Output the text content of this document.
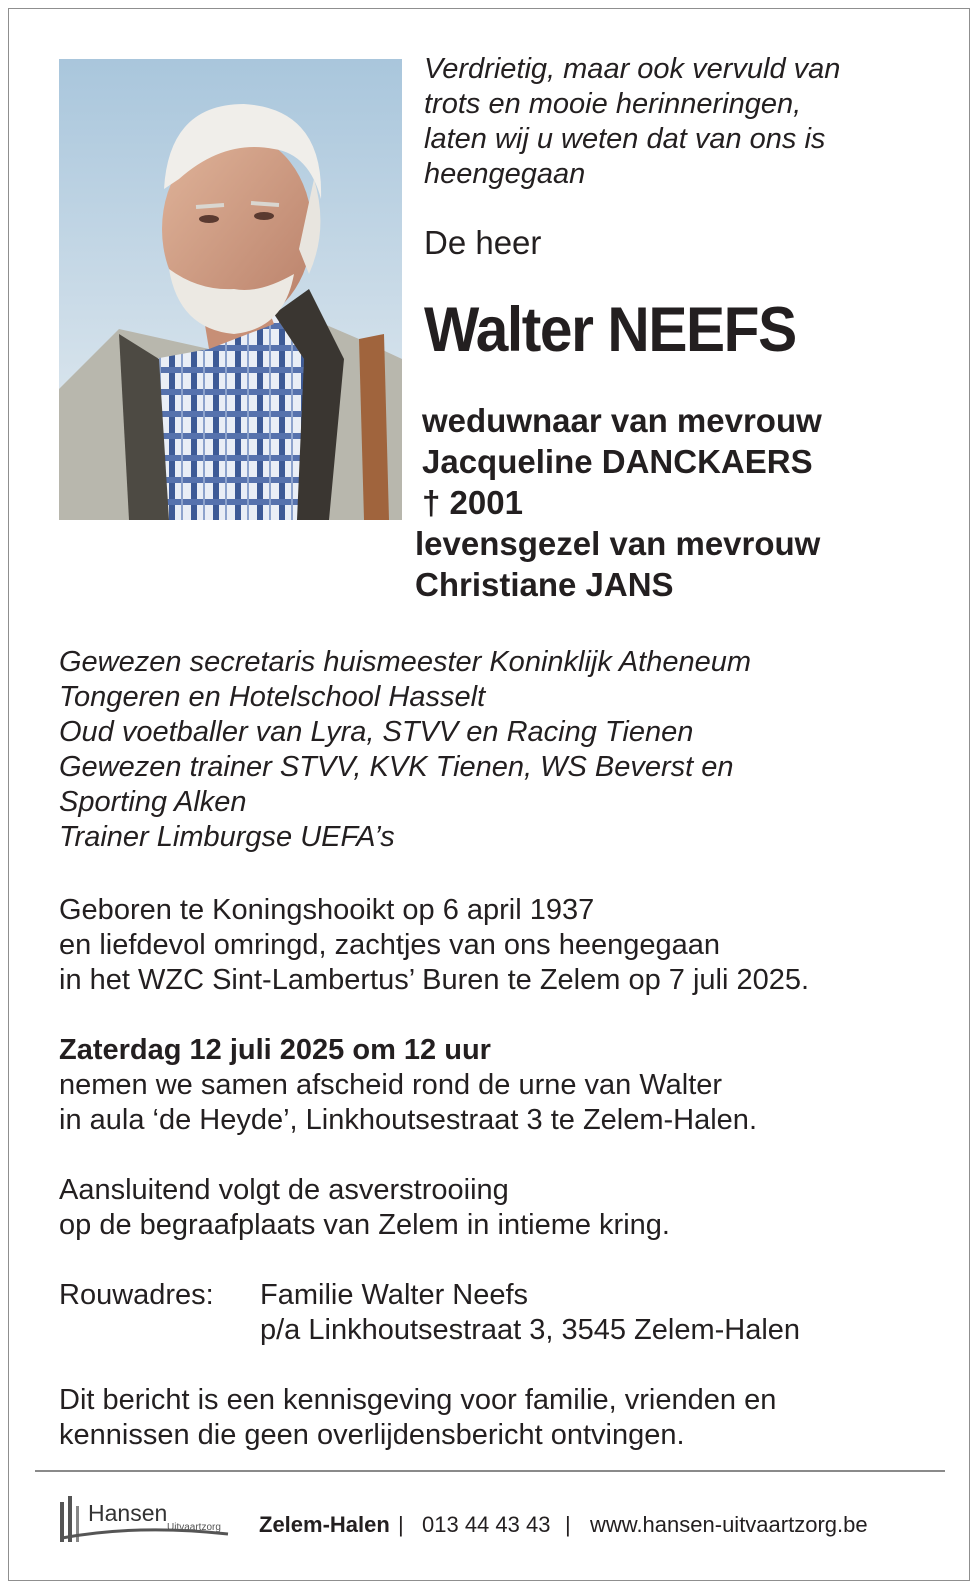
Verdrietig, maar ook vervuld van
trots en mooie herinneringen,
laten wij u weten dat van ons is
heengegaan
De heer
Walter NEEFS
weduwnaar van mevrouw
Jacqueline DANCKAERS
† 2001
levensgezel van mevrouw
Christiane JANS
Gewezen secretaris huismeester Koninklijk Atheneum
Tongeren en Hotelschool Hasselt
Oud voetballer van Lyra, STVV en Racing Tienen
Gewezen trainer STVV, KVK Tienen, WS Beverst en
Sporting Alken
Trainer Limburgse UEFA’s
Geboren te Koningshooikt op 6 april 1937
en liefdevol omringd, zachtjes van ons heengegaan
in het WZC Sint-Lambertus’ Buren te Zelem op 7 juli 2025.
Zaterdag 12 juli 2025 om 12 uur
nemen we samen afscheid rond de urne van Walter
in aula ‘de Heyde’, Linkhoutsestraat 3 te Zelem-Halen.
Aansluitend volgt de asverstrooiing
op de begraafplaats van Zelem in intieme kring.
Rouwadres: Familie Walter Neefs
p/a Linkhoutsestraat 3, 3545 Zelem-Halen
Dit bericht is een kennisgeving voor familie, vrienden en
kennissen die geen overlijdensbericht ontvingen.
Hansen
Uitvaartzorg Zelem-Halen | 013 44 43 43 | www.hansen-uitvaartzorg.be
